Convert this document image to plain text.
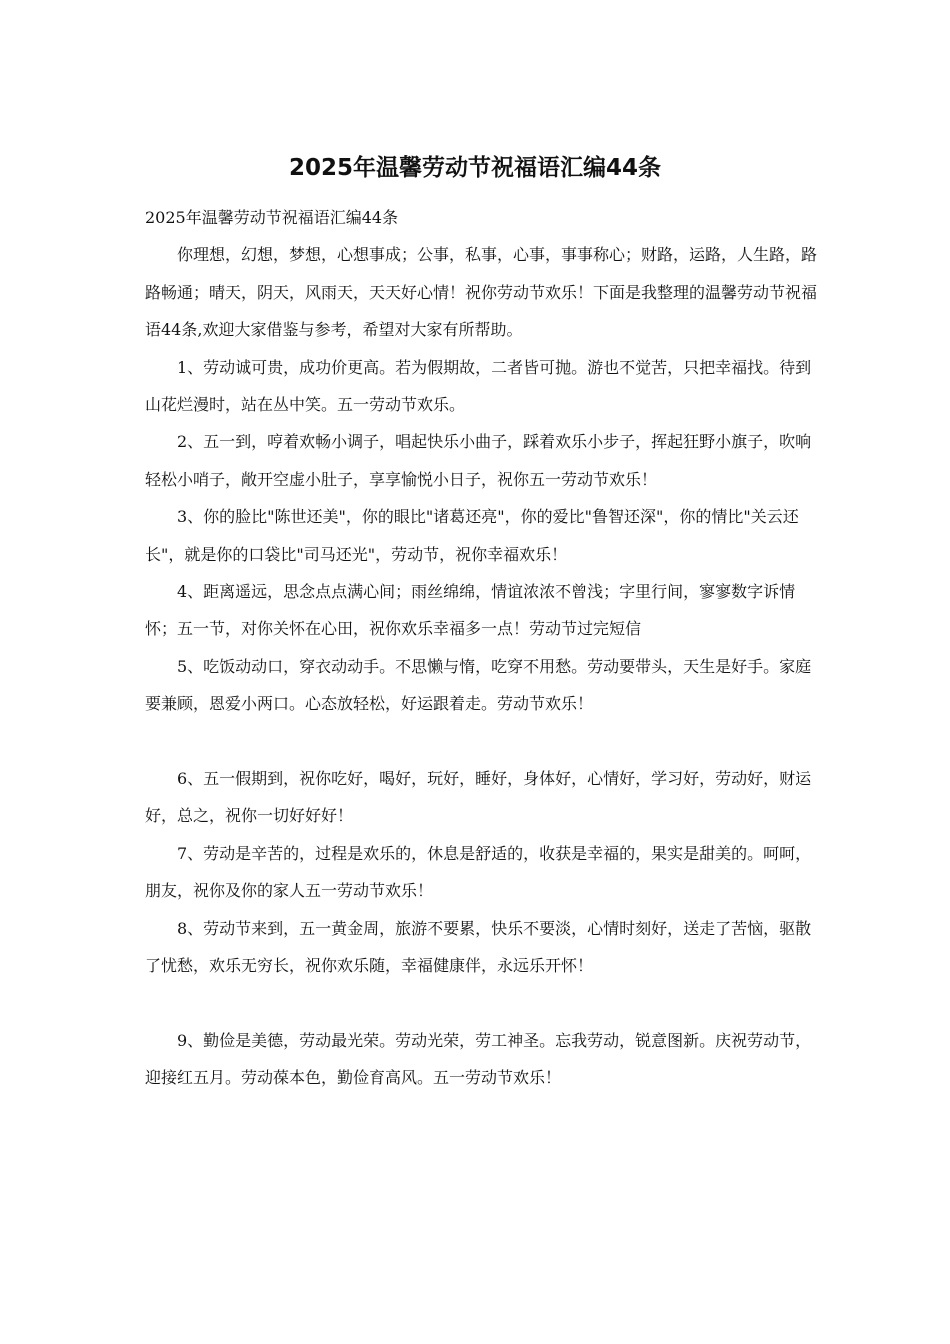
2025年温馨劳动节祝福语汇编44条

2025年温馨劳动节祝福语汇编44条

你理想，幻想，梦想，心想事成；公事，私事，心事，事事称心；财路，运路，人生路，路路畅通；晴天，阴天，风雨天，天天好心情！祝你劳动节欢乐！下面是我整理的温馨劳动节祝福语44条,欢迎大家借鉴与参考，希望对大家有所帮助。

1、劳动诚可贵，成功价更高。若为假期故，二者皆可抛。游也不觉苦，只把幸福找。待到山花烂漫时，站在丛中笑。五一劳动节欢乐。

2、五一到，哼着欢畅小调子，唱起快乐小曲子，踩着欢乐小步子，挥起狂野小旗子，吹响轻松小哨子，敞开空虚小肚子，享享愉悦小日子，祝你五一劳动节欢乐！

3、你的脸比"陈世还美"，你的眼比"诸葛还亮"，你的爱比"鲁智还深"，你的情比"关云还长"，就是你的口袋比"司马还光"，劳动节，祝你幸福欢乐！

4、距离遥远，思念点点满心间；雨丝绵绵，情谊浓浓不曾浅；字里行间，寥寥数字诉情怀；五一节，对你关怀在心田，祝你欢乐幸福多一点！劳动节过完短信

5、吃饭动动口，穿衣动动手。不思懒与惰，吃穿不用愁。劳动要带头，天生是好手。家庭要兼顾，恩爱小两口。心态放轻松，好运跟着走。劳动节欢乐！

6、五一假期到，祝你吃好，喝好，玩好，睡好，身体好，心情好，学习好，劳动好，财运好，总之，祝你一切好好好！

7、劳动是辛苦的，过程是欢乐的，休息是舒适的，收获是幸福的，果实是甜美的。呵呵，朋友，祝你及你的家人五一劳动节欢乐！

8、劳动节来到，五一黄金周，旅游不要累，快乐不要淡，心情时刻好，送走了苦恼，驱散了忧愁，欢乐无穷长，祝你欢乐随，幸福健康伴，永远乐开怀！

9、勤俭是美德，劳动最光荣。劳动光荣，劳工神圣。忘我劳动，锐意图新。庆祝劳动节，迎接红五月。劳动葆本色，勤俭育高风。五一劳动节欢乐！
